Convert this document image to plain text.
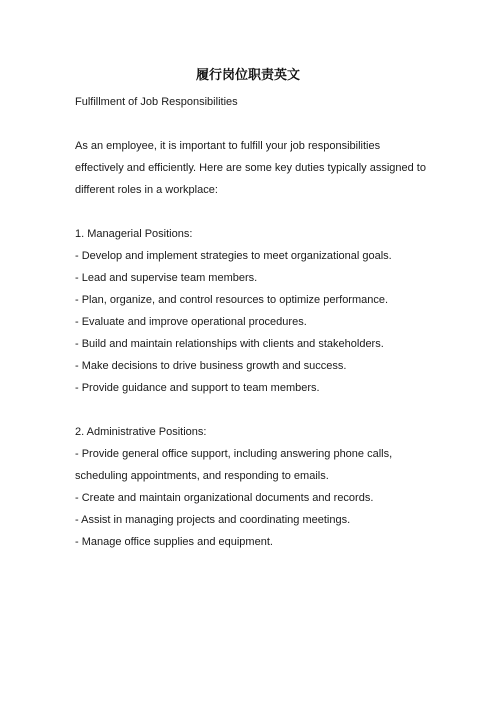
履行岗位职责英文
Fulfillment of Job Responsibilities
As an employee, it is important to fulfill your job responsibilities
effectively and efficiently. Here are some key duties typically assigned to
different roles in a workplace:
1. Managerial Positions:
- Develop and implement strategies to meet organizational goals.
- Lead and supervise team members.
- Plan, organize, and control resources to optimize performance.
- Evaluate and improve operational procedures.
- Build and maintain relationships with clients and stakeholders.
- Make decisions to drive business growth and success.
- Provide guidance and support to team members.
2. Administrative Positions:
- Provide general office support, including answering phone calls,
scheduling appointments, and responding to emails.
- Create and maintain organizational documents and records.
- Assist in managing projects and coordinating meetings.
- Manage office supplies and equipment.
